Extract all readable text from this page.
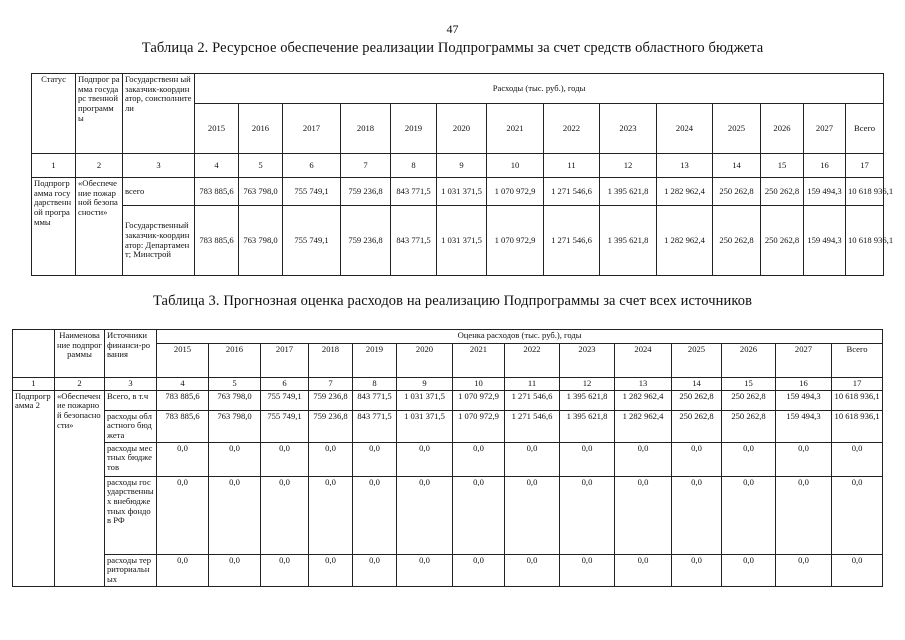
47
Таблица 2. Ресурсное обеспечение реализации Подпрограммы за счет средств областного бюджета
Статус	Подпрог рамма государс твенной программ ы	Государственн ый заказчик-координатор, соисполнители	Расходы (тыс. руб.), годы													
			2015	2016	2017	2018	2019	2020	2021	2022	2023	2024	2025	2026	2027	Всего
1	2	3	4	5	6	7	8	9	10	11	12	13	14	15	16	17
Подпрограмма государственной программы	«Обеспечение пожарной безопасности»	всего	783 885,6	763 798,0	755 749,1	759 236,8	843 771,5	1 031 371,5	1 070 972,9	1 271 546,6	1 395 621,8	1 282 962,4	250 262,8	250 262,8	159 494,3	10 618 936,1
		Государственный заказчик-координатор: Департамент; Минстрой	783 885,6	763 798,0	755 749,1	759 236,8	843 771,5	1 031 371,5	1 070 972,9	1 271 546,6	1 395 621,8	1 282 962,4	250 262,8	250 262,8	159 494,3	10 618 936,1
Таблица 3. Прогнозная оценка расходов на реализацию Подпрограммы за счет всех источников
	Наименование подпрограммы	Источники финанси-рования	Оценка расходов (тыс. руб.), годы													
			2015	2016	2017	2018	2019	2020	2021	2022	2023	2024	2025	2026	2027	Всего
1	2	3	4	5	6	7	8	9	10	11	12	13	14	15	16	17
Подпрограмма 2	«Обеспечение пожарной безопасности»	Всего, в т.ч	783 885,6	763 798,0	755 749,1	759 236,8	843 771,5	1 031 371,5	1 070 972,9	1 271 546,6	1 395 621,8	1 282 962,4	250 262,8	250 262,8	159 494,3	10 618 936,1
		расходы областного бюджета	783 885,6	763 798,0	755 749,1	759 236,8	843 771,5	1 031 371,5	1 070 972,9	1 271 546,6	1 395 621,8	1 282 962,4	250 262,8	250 262,8	159 494,3	10 618 936,1
		расходы местных бюджетов	0,0	0,0	0,0	0,0	0,0	0,0	0,0	0,0	0,0	0,0	0,0	0,0	0,0	0,0
		расходы государственных внебюджетных фондов РФ	0,0	0,0	0,0	0,0	0,0	0,0	0,0	0,0	0,0	0,0	0,0	0,0	0,0	0,0
		расходы территориальных	0,0	0,0	0,0	0,0	0,0	0,0	0,0	0,0	0,0	0,0	0,0	0,0	0,0	0,0
